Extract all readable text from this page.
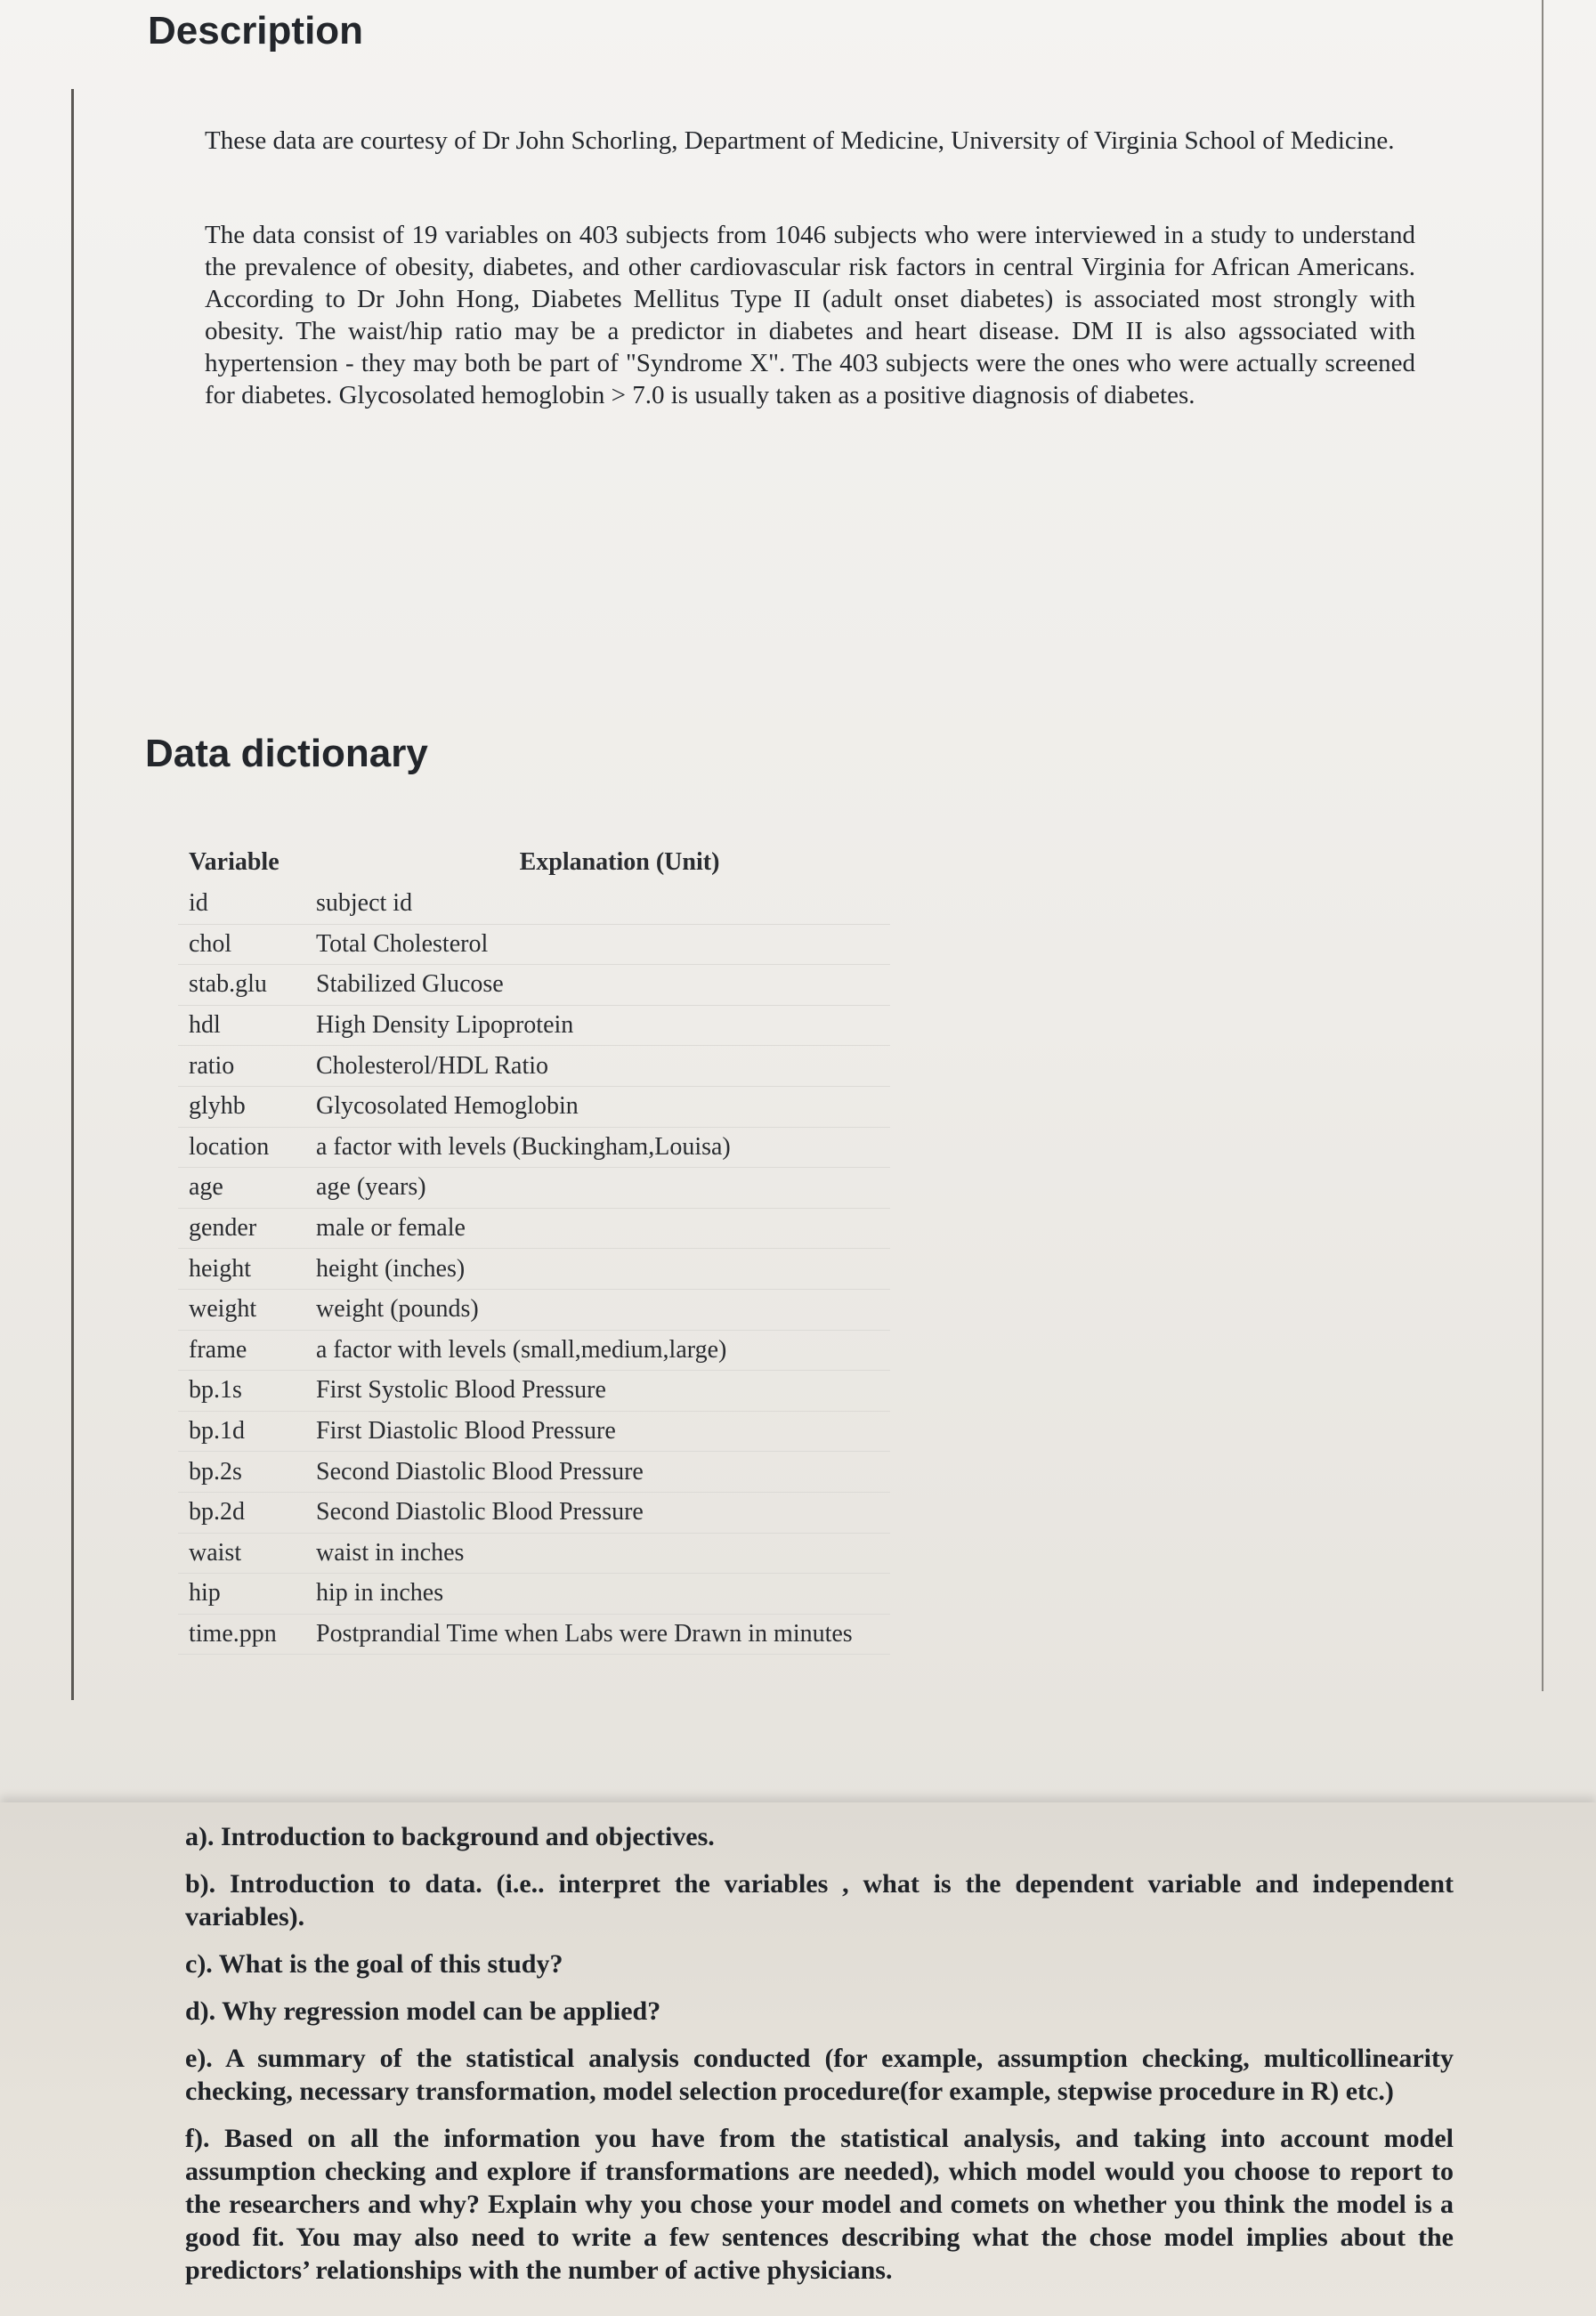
Description

These data are courtesy of Dr John Schorling, Department of Medicine, University of Virginia School of Medicine.

The data consist of 19 variables on 403 subjects from 1046 subjects who were interviewed in a study to understand the prevalence of obesity, diabetes, and other cardiovascular risk factors in central Virginia for African Americans. According to Dr John Hong, Diabetes Mellitus Type II (adult onset diabetes) is associated most strongly with obesity. The waist/hip ratio may be a predictor in diabetes and heart disease. DM II is also agssociated with hypertension - they may both be part of "Syndrome X". The 403 subjects were the ones who were actually screened for diabetes. Glycosolated hemoglobin > 7.0 is usually taken as a positive diagnosis of diabetes.

Data dictionary
Variable	Explanation (Unit)
id	subject id
chol	Total Cholesterol
stab.glu	Stabilized Glucose
hdl	High Density Lipoprotein
ratio	Cholesterol/HDL Ratio
glyhb	Glycosolated Hemoglobin
location	a factor with levels (Buckingham,Louisa)
age	age (years)
gender	male or female
height	height (inches)
weight	weight (pounds)
frame	a factor with levels (small,medium,large)
bp.1s	First Systolic Blood Pressure
bp.1d	First Diastolic Blood Pressure
bp.2s	Second Diastolic Blood Pressure
bp.2d	Second Diastolic Blood Pressure
waist	waist in inches
hip	hip in inches
time.ppn	Postprandial Time when Labs were Drawn in minutes

a). Introduction to background and objectives.

b). Introduction to data. (i.e.. interpret the variables , what is the dependent variable and independent variables).

c). What is the goal of this study?

d). Why regression model can be applied?

e). A summary of the statistical analysis conducted (for example, assumption checking, multicollinearity checking, necessary transformation, model selection procedure(for example, stepwise procedure in R) etc.)

f). Based on all the information you have from the statistical analysis, and taking into account model assumption checking and explore if transformations are needed), which model would you choose to report to the researchers and why? Explain why you chose your model and comets on whether you think the model is a good fit. You may also need to write a few sentences describing what the chose model implies about the predictors’ relationships with the number of active physicians.
